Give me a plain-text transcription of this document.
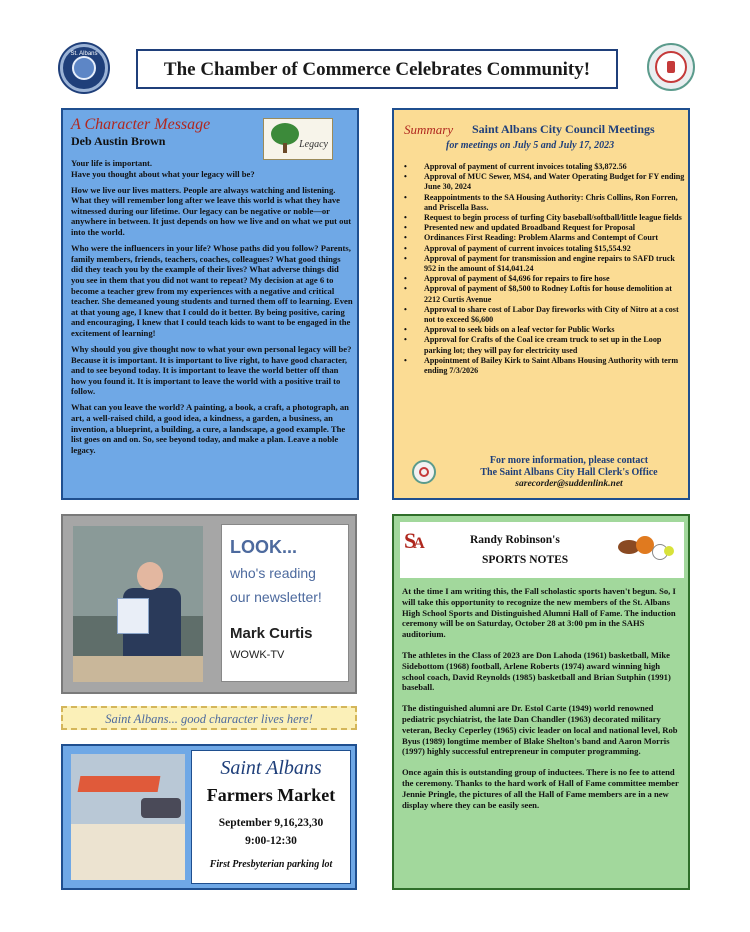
St. Albans
The Chamber of Commerce Celebrates Community!
A Character Message
Deb Austin Brown	Legacy

Your life is important.
Have you thought about what your legacy will be?

How we live our lives matters. People are always watching and listening. What they will remember long after we leave this world is what they have witnessed during our lifetime. Our legacy can be negative or noble—or anywhere in between. It just depends on how we live and on what we put out into the world.

Who were the influencers in your life? Whose paths did you follow? Parents, family members, friends, teachers, coaches, colleagues? What good things did they teach you by the example of their lives? What adverse things did you see in them that you did not want to repeat? My decision at age 6 to become a teacher grew from my experiences with a negative and critical teacher. She demeaned young students and turned them off to learning. Even at that young age, I knew that I could do it better. By being positive, caring and encouraging, I knew that I could teach kids to want to be engaged in the excitement of learning!

Why should you give thought now to what your own personal legacy will be? Because it is important. It is important to live right, to have good character, and to see beyond today. It is important to leave the world better off than how you found it. It is important to leave the world with a positive trail to follow.

What can you leave the world? A painting, a book, a craft, a photograph, an art, a well-raised child, a good idea, a kindness, a garden, a business, an invention, a blueprint, a building, a cure, a landscape, a good example. The list goes on and on. So, see beyond today, and make a plan. Leave a noble legacy.

Summary Saint Albans City Council Meetings
for meetings on July 5 and July 17, 2023
• Approval of payment of current invoices totaling $3,872.56
• Approval of MUC Sewer, MS4, and Water Operating Budget for FY ending June 30, 2024
• Reappointments to the SA Housing Authority: Chris Collins, Ron Forren, and Priscella Bass.
• Request to begin process of turfing City baseball/softball/little league fields
• Presented new and updated Broadband Request for Proposal
• Ordinances First Reading: Problem Alarms and Contempt of Court
• Approval of payment of current invoices totaling $15,554.92
• Approval of payment for transmission and engine repairs to SAFD truck 952 in the amount of $14,041.24
• Approval of payment of $4,696 for repairs to fire hose
• Approval of payment of $8,500 to Rodney Loftis for house demolition at 2212 Curtis Avenue
• Approval to share cost of Labor Day fireworks with City of Nitro at a cost not to exceed $6,600
• Approval to seek bids on a leaf vector for Public Works
• Approval for Crafts of the Coal ice cream truck to set up in the Loop parking lot; they will pay for electricity used
• Appointment of Bailey Kirk to Saint Albans Housing Authority with term ending 7/3/2026
For more information, please contact
The Saint Albans City Hall Clerk's Office
sarecorder@suddenlink.net
LOOK...
who's reading
our newsletter!
Mark Curtis
WOWK-TV
Saint Albans... good character lives here!
Saint Albans
Farmers Market
September 9,16,23,30
9:00-12:30
First Presbyterian parking lot
SA	Randy Robinson's
SPORTS NOTES

At the time I am writing this, the Fall scholastic sports haven't begun. So, I will take this opportunity to recognize the new members of the St. Albans High School Sports and Distinguished Alumni Hall of Fame. The induction ceremony will be on Saturday, October 28 at 3:00 pm in the SAHS auditorium.

The athletes in the Class of 2023 are Don Lahoda (1961) basketball, Mike Sidebottom (1968) football, Arlene Roberts (1974) award winning high school coach, David Reynolds (1985) basketball and Brian Sutphin (1991) baseball.

The distinguished alumni are Dr. Estol Carte (1949) world renowned pediatric psychiatrist, the late Dan Chandler (1963) decorated military veteran, Becky Ceperley (1965) civic leader on local and national level, Rob Byus (1989) longtime member of Blake Shelton's band and Aaron Morris (1997) highly successful entrepreneur in computer programming.

Once again this is outstanding group of inductees. There is no fee to attend the ceremony. Thanks to the hard work of Hall of Fame committee member Jennie Pringle, the pictures of all the Hall of Fame members are in a new display where they can be easily seen.
